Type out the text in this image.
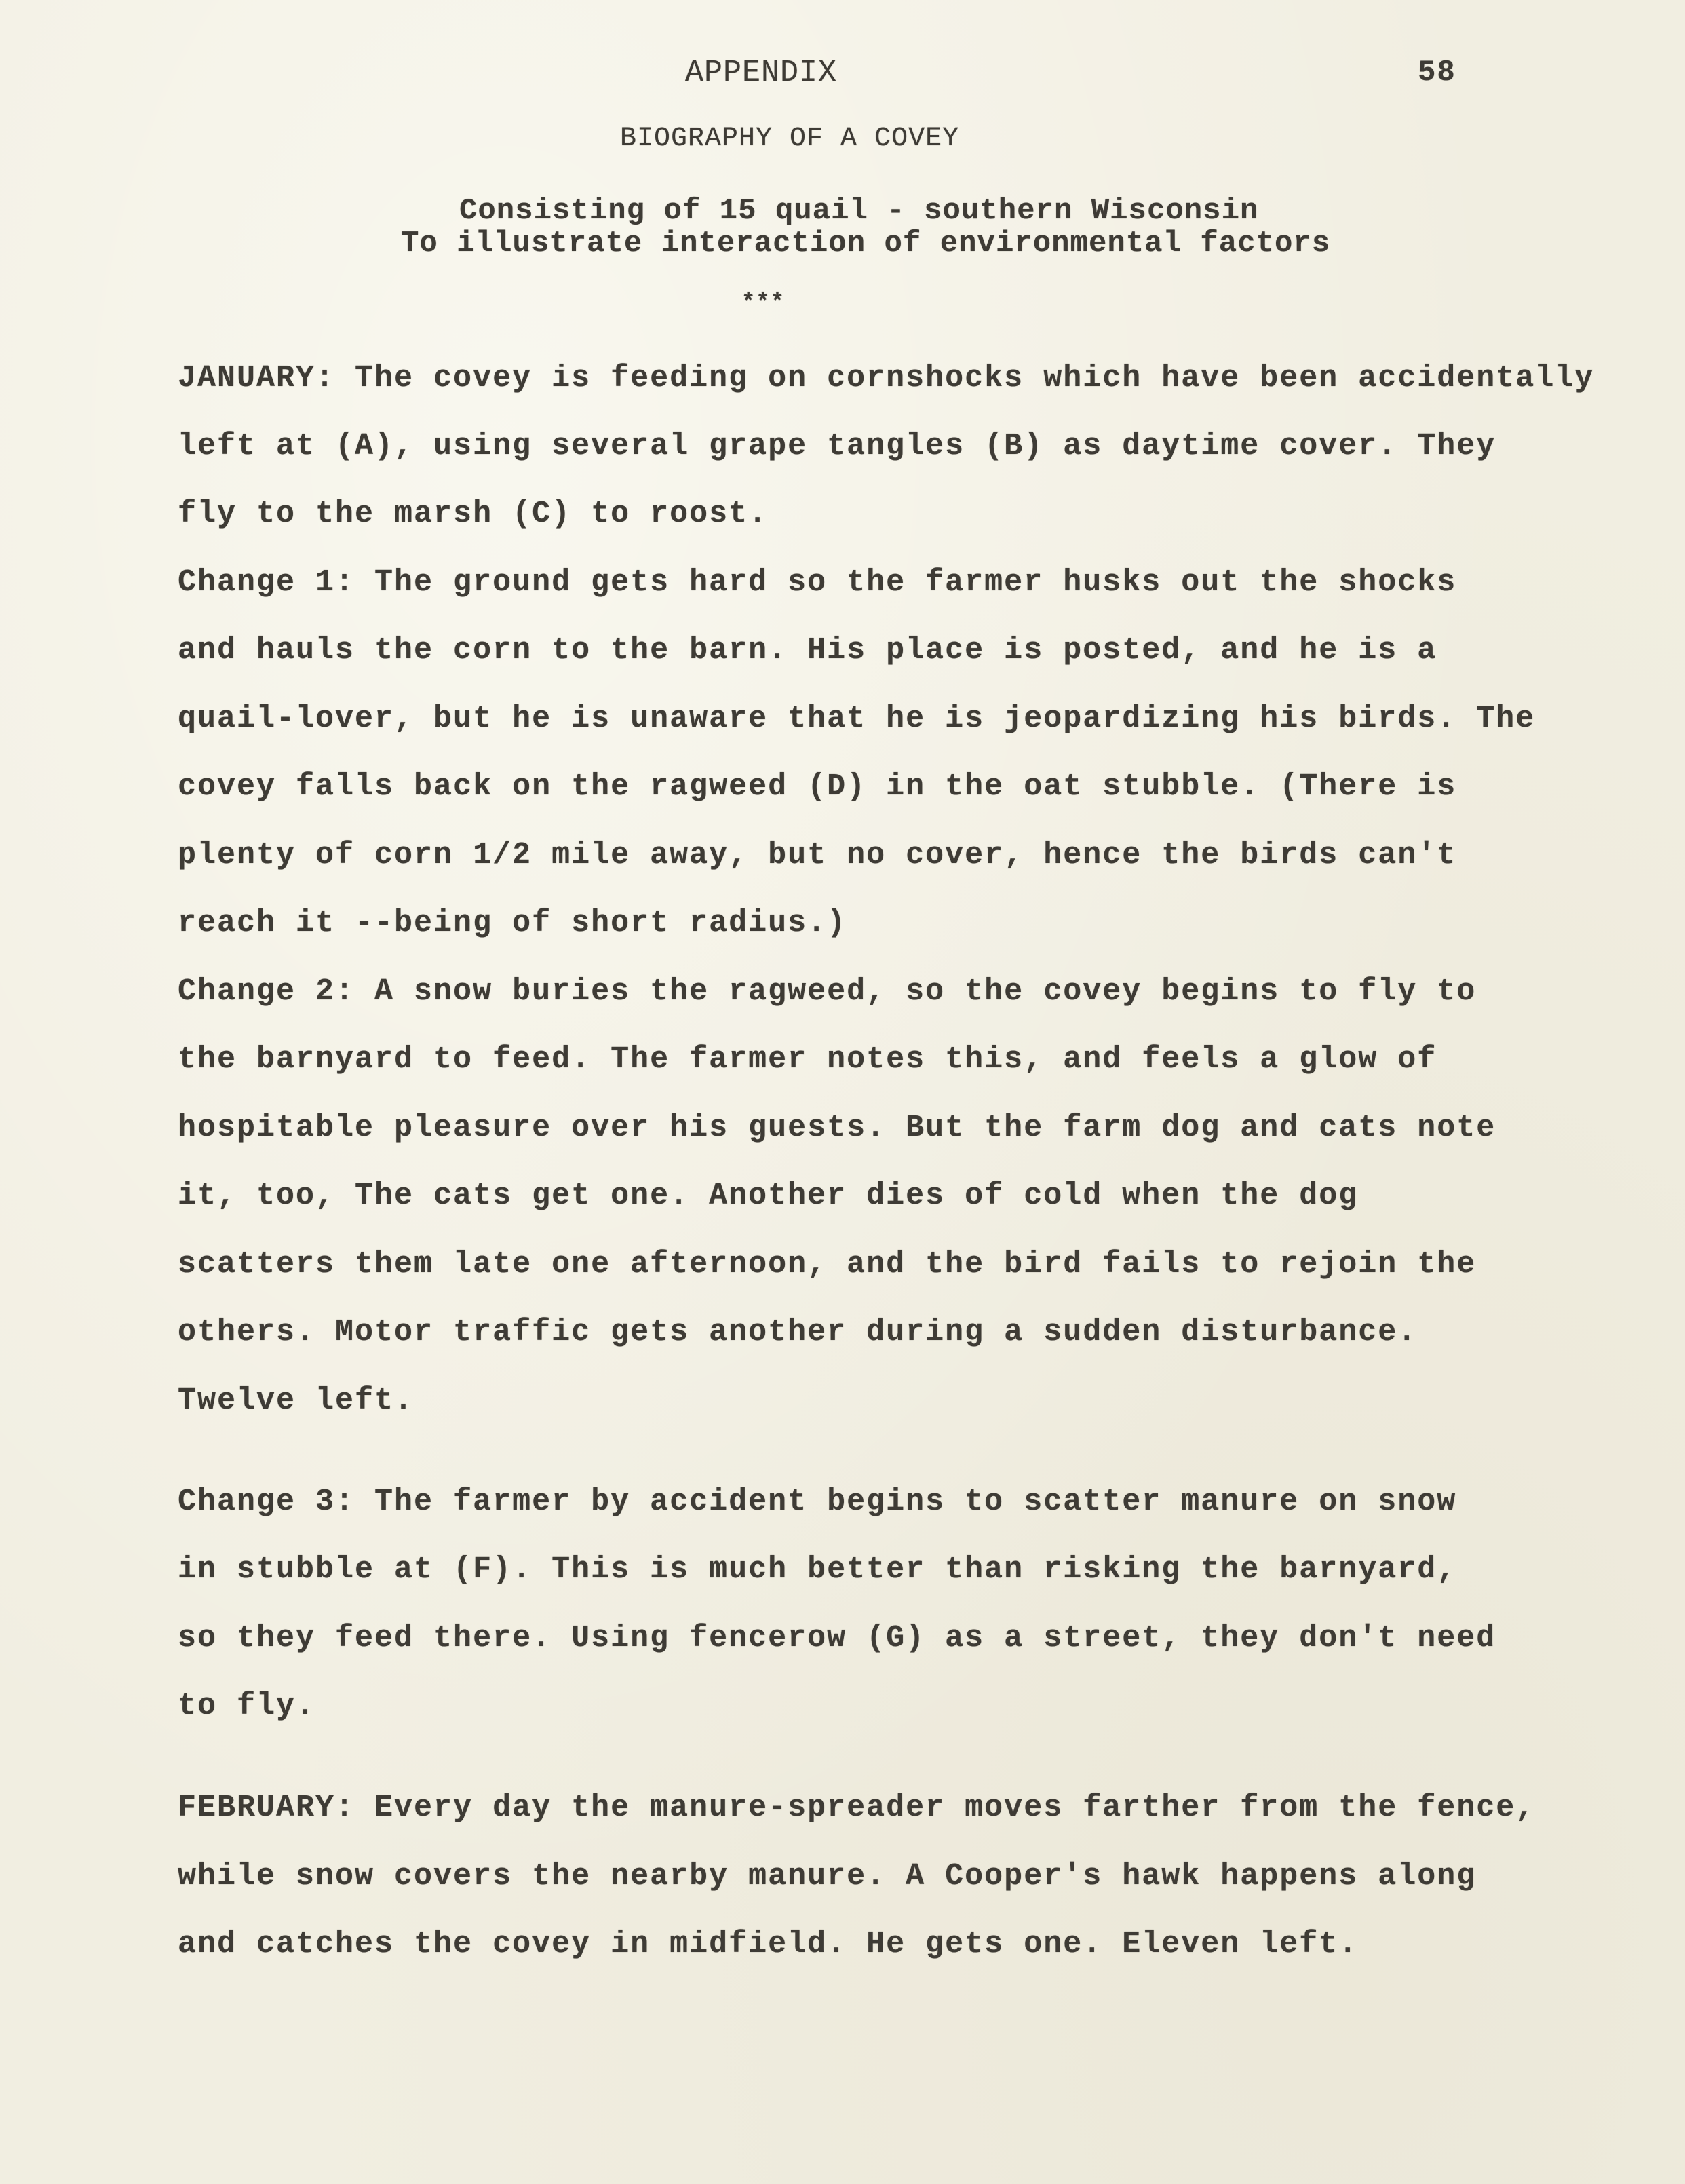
APPENDIX	58
BIOGRAPHY OF A COVEY
Consisting of 15 quail - southern Wisconsin
To illustrate interaction of environmental factors
***
JANUARY: The covey is feeding on cornshocks which have been accidentally
left at (A), using several grape tangles (B) as daytime cover. They
fly to the marsh (C) to roost.
Change 1: The ground gets hard so the farmer husks out the shocks
and hauls the corn to the barn. His place is posted, and he is a
quail-lover, but he is unaware that he is jeopardizing his birds. The
covey falls back on the ragweed (D) in the oat stubble. (There is
plenty of corn 1/2 mile away, but no cover, hence the birds can't
reach it --being of short radius.)
Change 2: A snow buries the ragweed, so the covey begins to fly to
the barnyard to feed. The farmer notes this, and feels a glow of
hospitable pleasure over his guests. But the farm dog and cats note
it, too, The cats get one. Another dies of cold when the dog
scatters them late one afternoon, and the bird fails to rejoin the
others. Motor traffic gets another during a sudden disturbance.
Twelve left.
Change 3: The farmer by accident begins to scatter manure on snow
in stubble at (F). This is much better than risking the barnyard,
so they feed there. Using fencerow (G) as a street, they don't need
to fly.
FEBRUARY: Every day the manure-spreader moves farther from the fence,
while snow covers the nearby manure. A Cooper's hawk happens along
and catches the covey in midfield. He gets one. Eleven left.
